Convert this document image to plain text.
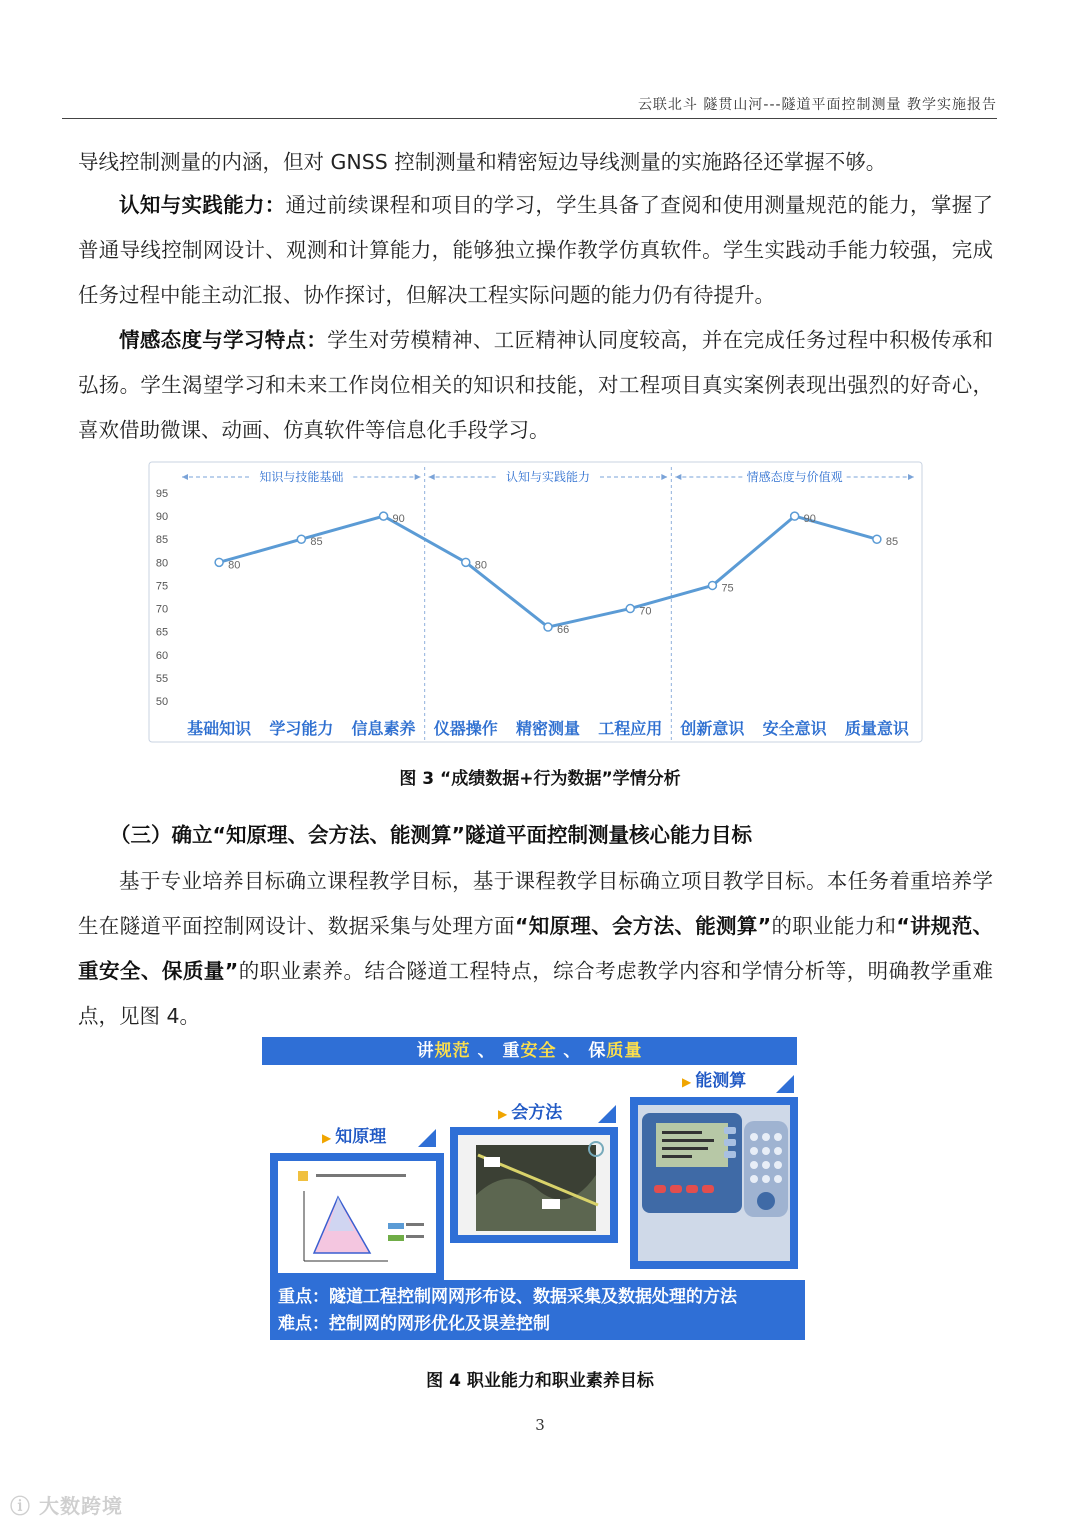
云联北斗 隧贯山河---隧道平面控制测量 教学实施报告

导线控制测量的内涵，但对 GNSS 控制测量和精密短边导线测量的实施路径还掌握不够。

认知与实践能力：通过前续课程和项目的学习，学生具备了查阅和使用测量规范的能力，掌握了普通导线控制网设计、观测和计算能力，能够独立操作教学仿真软件。学生实践动手能力较强，完成任务过程中能主动汇报、协作探讨，但解决工程实际问题的能力仍有待提升。

情感态度与学习特点：学生对劳模精神、工匠精神认同度较高，并在完成任务过程中积极传承和弘扬。学生渴望学习和未来工作岗位相关的知识和技能，对工程项目真实案例表现出强烈的好奇心，喜欢借助微课、动画、仿真软件等信息化手段学习。

50
55
60
65
70
75
80
85
90
95
知识与技能基础	认知与实践能力	情感态度与价值观
80
85
90
80
66
70
75
90
85
基础知识 学习能力 信息素养 仪器操作 精密测量 工程应用 创新意识 安全意识 质量意识
图 3 “成绩数据+行为数据”学情分析
（三）确立“知原理、会方法、能测算”隧道平面控制测量核心能力目标

基于专业培养目标确立课程教学目标，基于课程教学目标确立项目教学目标。本任务着重培养学生在隧道平面控制网设计、数据采集与处理方面“知原理、会方法、能测算”的职业能力和“讲规范、重安全、保质量”的职业素养。结合隧道工程特点，综合考虑教学内容和学情分析等，明确教学重难点，见图 4。

讲规范 、 重安全 、 保质量
▶ 能测算
▶ 会方法
▶ 知原理
重点：隧道工程控制网网形布设、数据采集及数据处理的方法
难点：控制网的网形优化及误差控制
图 4 职业能力和职业素养目标
3
ⓘ 大数跨境
